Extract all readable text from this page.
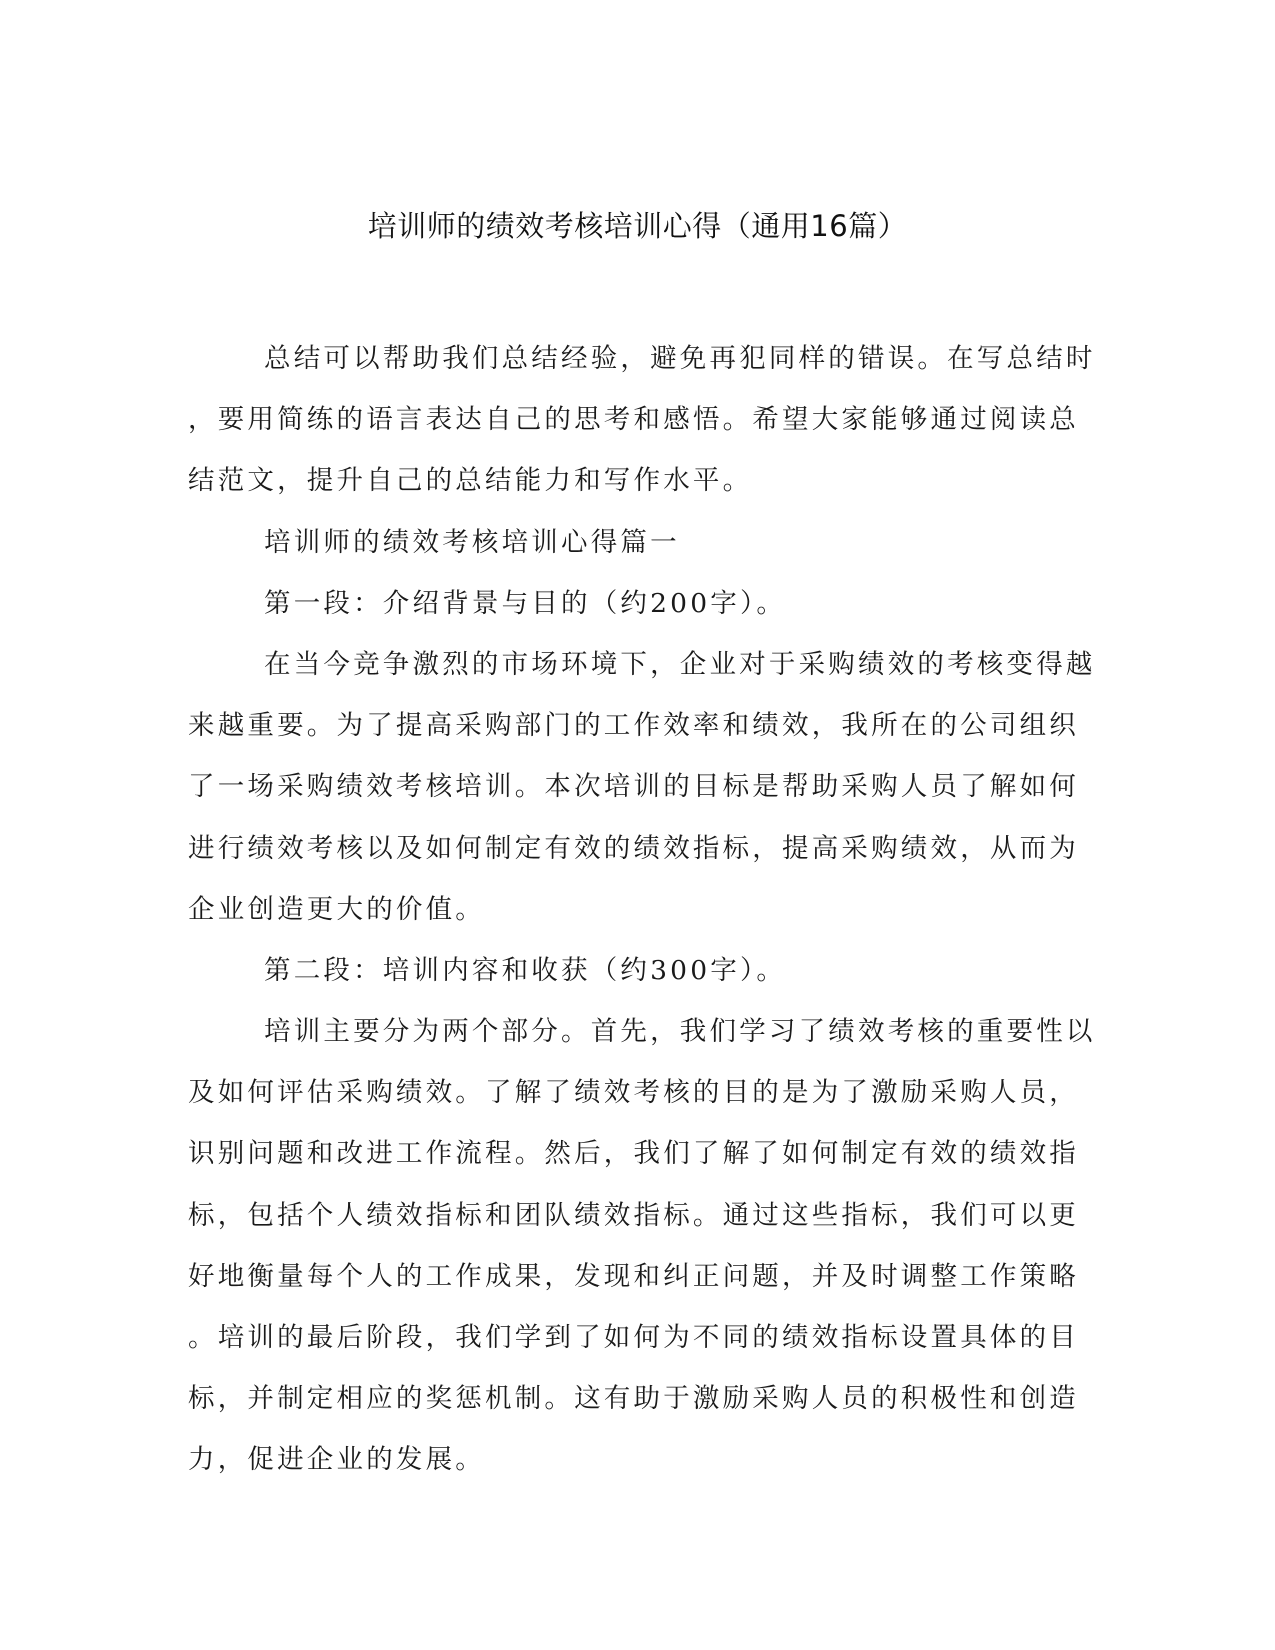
培训师的绩效考核培训心得（通用16篇）

总结可以帮助我们总结经验，避免再犯同样的错误。在写总结时

，要用简练的语言表达自己的思考和感悟。希望大家能够通过阅读总

结范文，提升自己的总结能力和写作水平。

培训师的绩效考核培训心得篇一

第一段：介绍背景与目的（约200字）。

在当今竞争激烈的市场环境下，企业对于采购绩效的考核变得越

来越重要。为了提高采购部门的工作效率和绩效，我所在的公司组织

了一场采购绩效考核培训。本次培训的目标是帮助采购人员了解如何

进行绩效考核以及如何制定有效的绩效指标，提高采购绩效，从而为

企业创造更大的价值。

第二段：培训内容和收获（约300字）。

培训主要分为两个部分。首先，我们学习了绩效考核的重要性以

及如何评估采购绩效。了解了绩效考核的目的是为了激励采购人员，

识别问题和改进工作流程。然后，我们了解了如何制定有效的绩效指

标，包括个人绩效指标和团队绩效指标。通过这些指标，我们可以更

好地衡量每个人的工作成果，发现和纠正问题，并及时调整工作策略

。培训的最后阶段，我们学到了如何为不同的绩效指标设置具体的目

标，并制定相应的奖惩机制。这有助于激励采购人员的积极性和创造

力，促进企业的发展。
